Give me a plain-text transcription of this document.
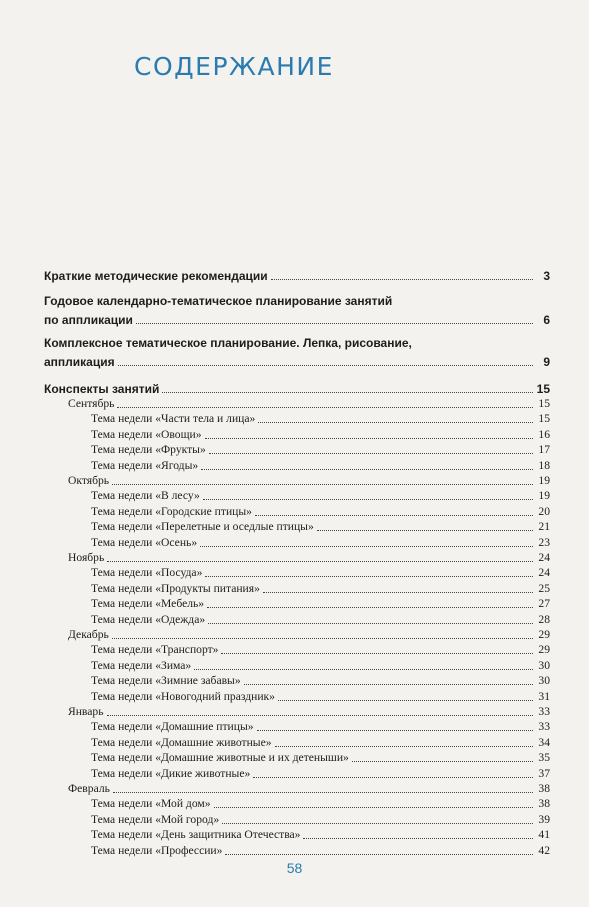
СОДЕРЖАНИЕ
Краткие методические рекомендации	3
Годовое календарно-тематическое планирование занятий
по аппликации	6
Комплексное тематическое планирование. Лепка, рисование,
аппликация	9
Конспекты занятий	15
Сентябрь	15
Тема недели «Части тела и лица»	15
Тема недели «Овощи»	16
Тема недели «Фрукты»	17
Тема недели «Ягоды»	18
Октябрь	19
Тема недели «В лесу»	19
Тема недели «Городские птицы»	20
Тема недели «Перелетные и оседлые птицы»	21
Тема недели «Осень»	23
Ноябрь	24
Тема недели «Посуда»	24
Тема недели «Продукты питания»	25
Тема недели «Мебель»	27
Тема недели «Одежда»	28
Декабрь	29
Тема недели «Транспорт»	29
Тема недели «Зима»	30
Тема недели «Зимние забавы»	30
Тема недели «Новогодний праздник»	31
Январь	33
Тема недели «Домашние птицы»	33
Тема недели «Домашние животные»	34
Тема недели «Домашние животные и их детеныши»	35
Тема недели «Дикие животные»	37
Февраль	38
Тема недели «Мой дом»	38
Тема недели «Мой город»	39
Тема недели «День защитника Отечества»	41
Тема недели «Профессии»	42
58
